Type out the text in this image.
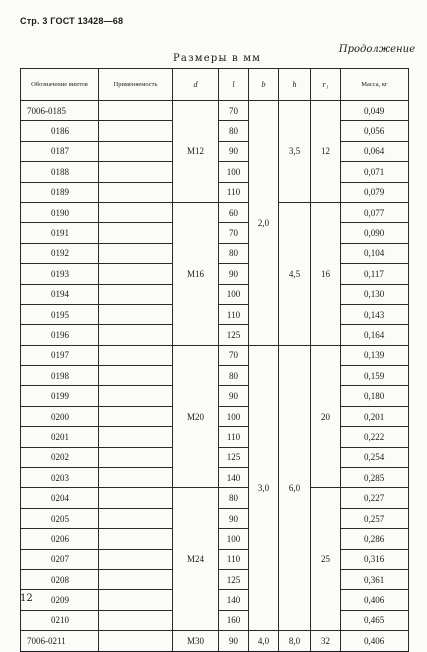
Стр. 3 ГОСТ 13428—68
Продолжение
Размеры в мм
Обозначение винтов	Применяемость	d	l	b	h	r₁	Масса, кг
7006-0185		M12	70	2,0	3,5	12	0,049
0186			80				0,056
0187			90				0,064
0188			100				0,071
0189			110				0,079
0190		M16	60		4,5	16	0,077
0191			70				0,090
0192			80				0,104
0193			90				0,117
0194			100				0,130
0195			110				0,143
0196			125				0,164
0197		M20	70	3,0	6,0	20	0,139
0198			80				0,159
0199			90				0,180
0200			100				0,201
0201			110				0,222
0202			125				0,254
0203			140				0,285
0204		M24	80			25	0,227
0205			90				0,257
0206			100				0,286
0207			110				0,316
0208			125				0,361
0209			140				0,406
0210			160				0,465
7006-0211		M30	90	4,0	8,0	32	0,406
12
